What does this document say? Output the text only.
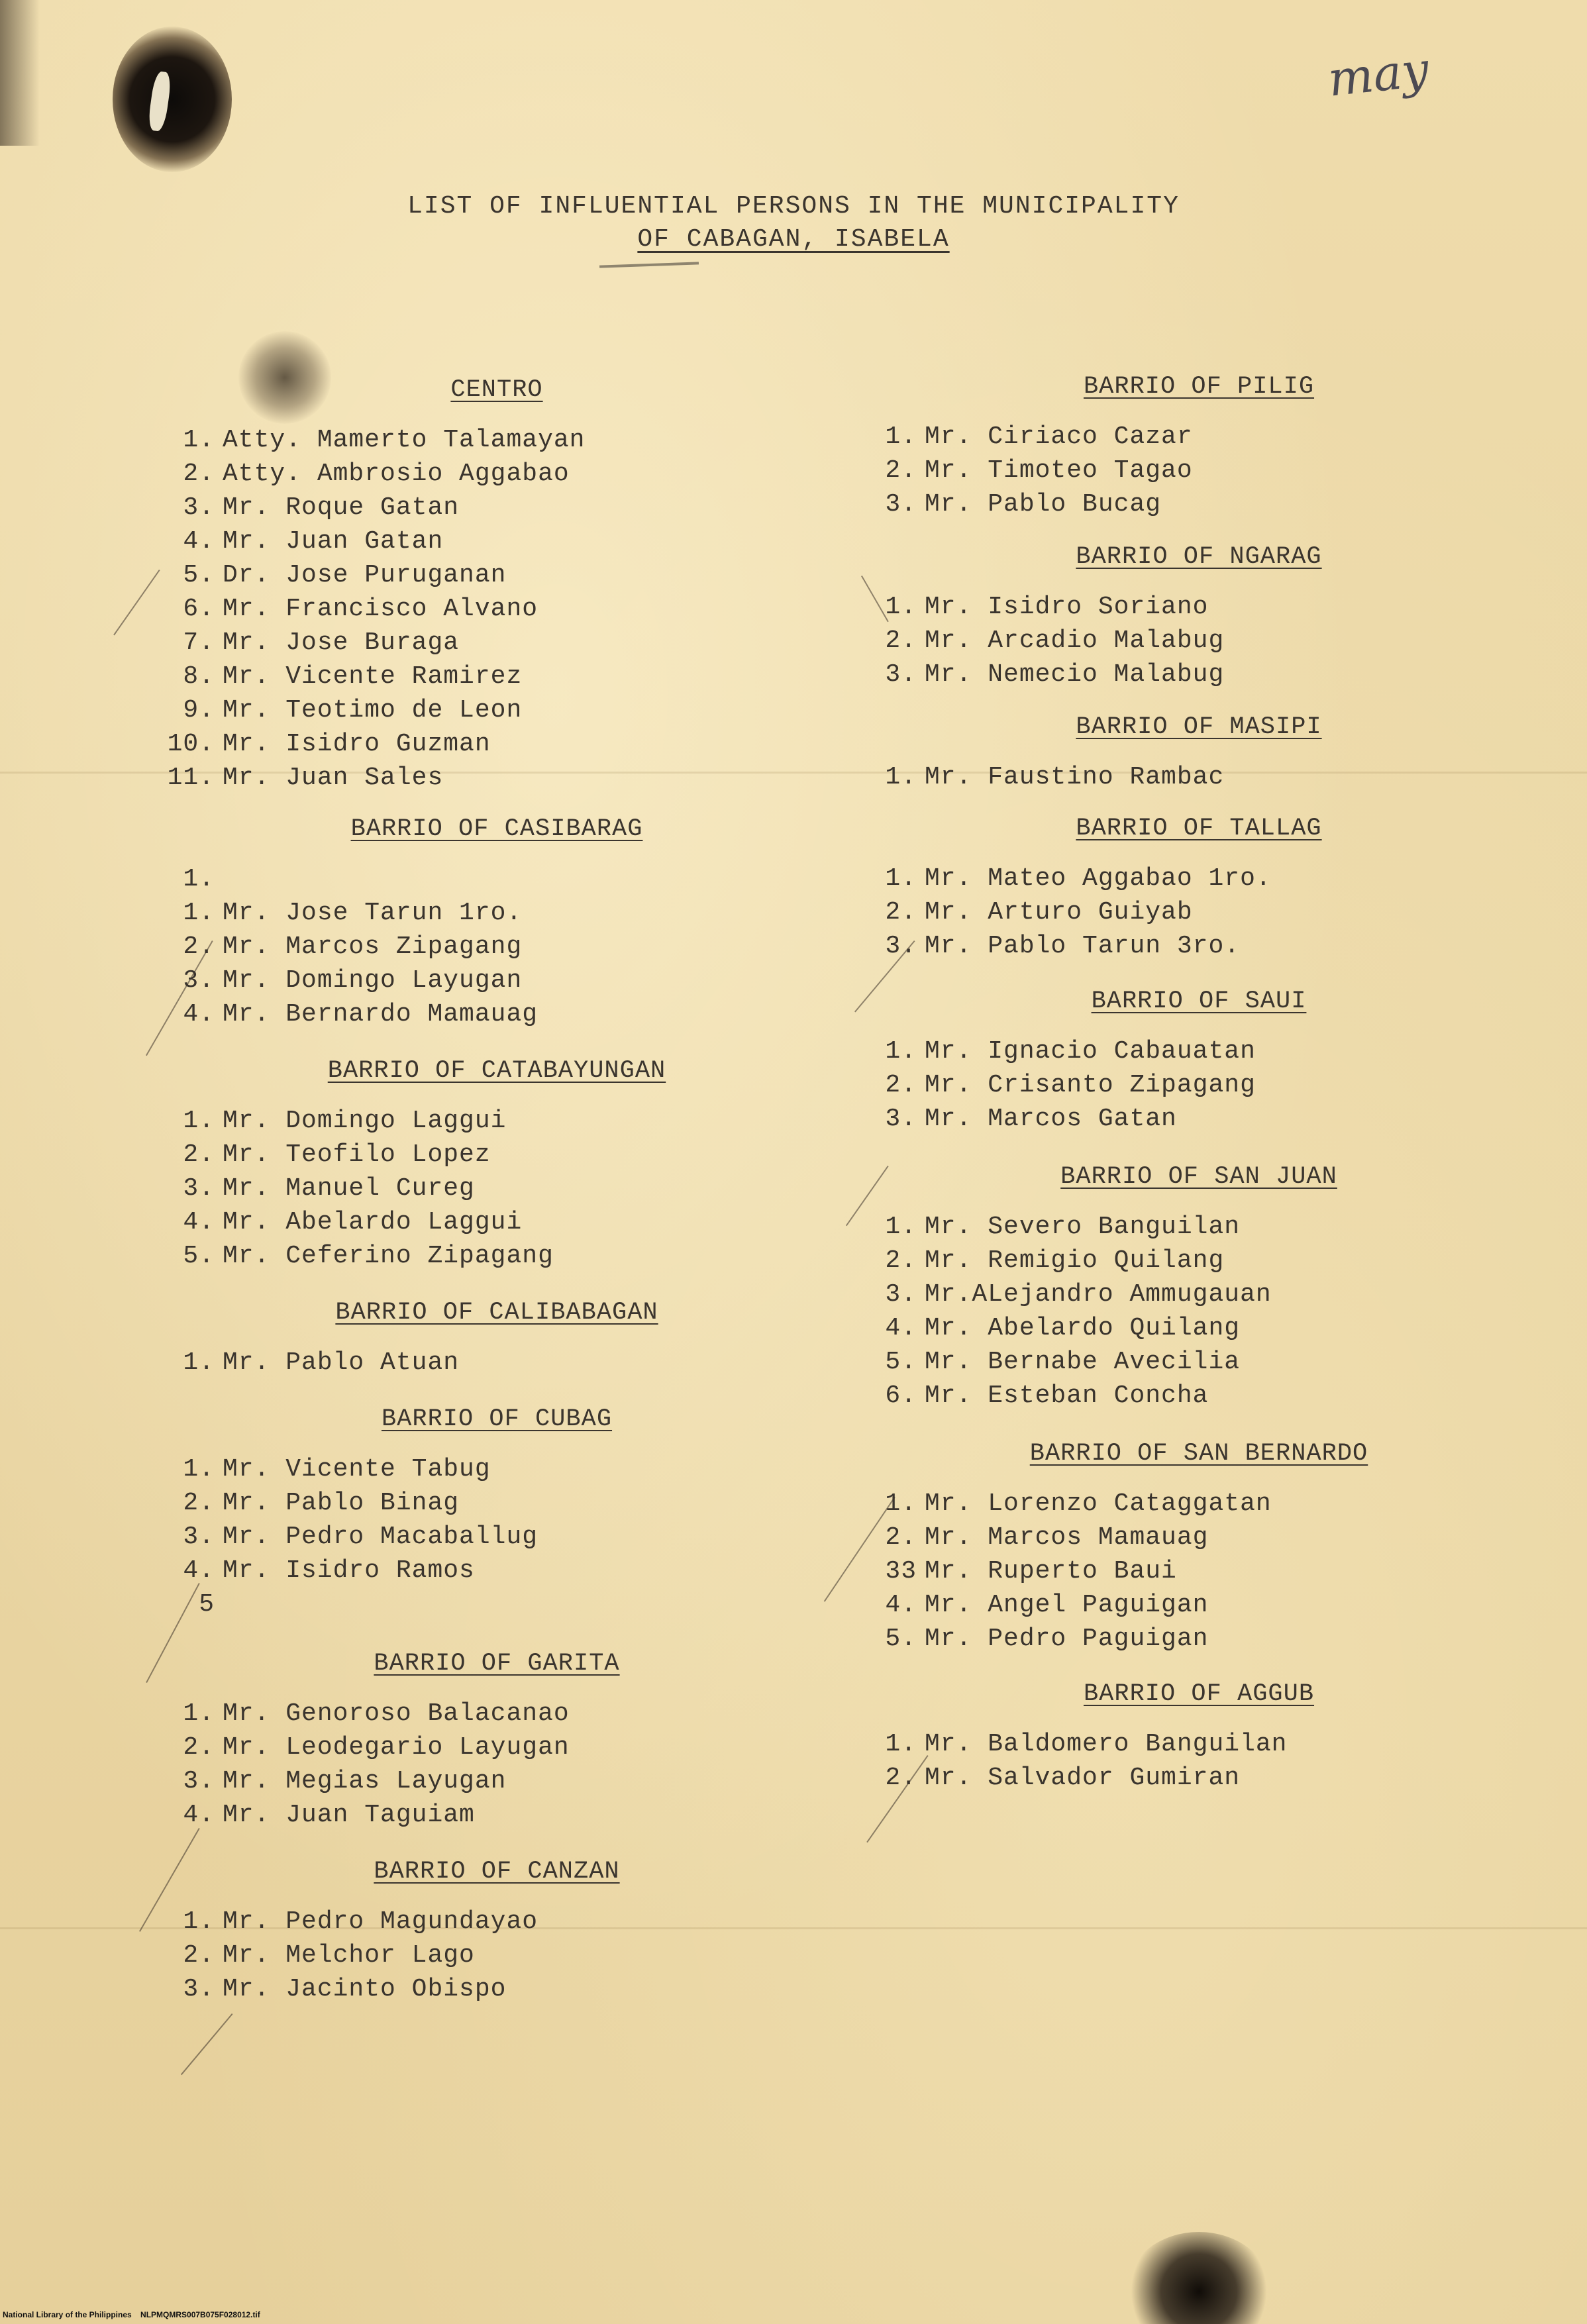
may
LIST OF INFLUENTIAL PERSONS IN THE MUNICIPALITY
OF CABAGAN, ISABELA
CENTRO
1. Atty. Mamerto Talamayan
2. Atty. Ambrosio Aggabao
3. Mr. Roque Gatan
4. Mr. Juan Gatan
5. Dr. Jose Puruganan
6. Mr. Francisco Alvano
7. Mr. Jose Buraga
8. Mr. Vicente Ramirez
9. Mr. Teotimo de Leon
10. Mr. Isidro Guzman
11. Mr. Juan Sales
BARRIO OF CASIBARAG
1.
1. Mr. Jose Tarun 1ro.
2. Mr. Marcos Zipagang
3. Mr. Domingo Layugan
4. Mr. Bernardo Mamauag
BARRIO OF CATABAYUNGAN
1. Mr. Domingo Laggui
2. Mr. Teofilo Lopez
3. Mr. Manuel Cureg
4. Mr. Abelardo Laggui
5. Mr. Ceferino Zipagang
BARRIO OF CALIBABAGAN
1. Mr. Pablo Atuan
BARRIO OF CUBAG
1. Mr. Vicente Tabug
2. Mr. Pablo Binag
3. Mr. Pedro Macaballug
4. Mr. Isidro Ramos
5
BARRIO OF GARITA
1. Mr. Genoroso Balacanao
2. Mr. Leodegario Layugan
3. Mr. Megias Layugan
4. Mr. Juan Taguiam
BARRIO OF CANZAN
1. Mr. Pedro Magundayao
2. Mr. Melchor Lago
3. Mr. Jacinto Obispo
BARRIO OF PILIG
1. Mr. Ciriaco Cazar
2. Mr. Timoteo Tagao
3. Mr. Pablo Bucag
BARRIO OF NGARAG
1. Mr. Isidro Soriano
2. Mr. Arcadio Malabug
3. Mr. Nemecio Malabug
BARRIO OF MASIPI
1. Mr. Faustino Rambac
BARRIO OF TALLAG
1. Mr. Mateo Aggabao 1ro.
2. Mr. Arturo Guiyab
3. Mr. Pablo Tarun 3ro.
BARRIO OF SAUI
1. Mr. Ignacio Cabauatan
2. Mr. Crisanto Zipagang
3. Mr. Marcos Gatan
BARRIO OF SAN JUAN
1. Mr. Severo Banguilan
2. Mr. Remigio Quilang
3. Mr.ALejandro Ammugauan
4. Mr. Abelardo Quilang
5. Mr. Bernabe Avecilia
6. Mr. Esteban Concha
BARRIO OF SAN BERNARDO
1. Mr. Lorenzo Cataggatan
2. Mr. Marcos Mamauag
33 Mr. Ruperto Baui
4. Mr. Angel Paguigan
5. Mr. Pedro Paguigan
BARRIO OF AGGUB
1. Mr. Baldomero Banguilan
2. Mr. Salvador Gumiran
National Library of the Philippines    NLPMQMRS007B075F028012.tif
